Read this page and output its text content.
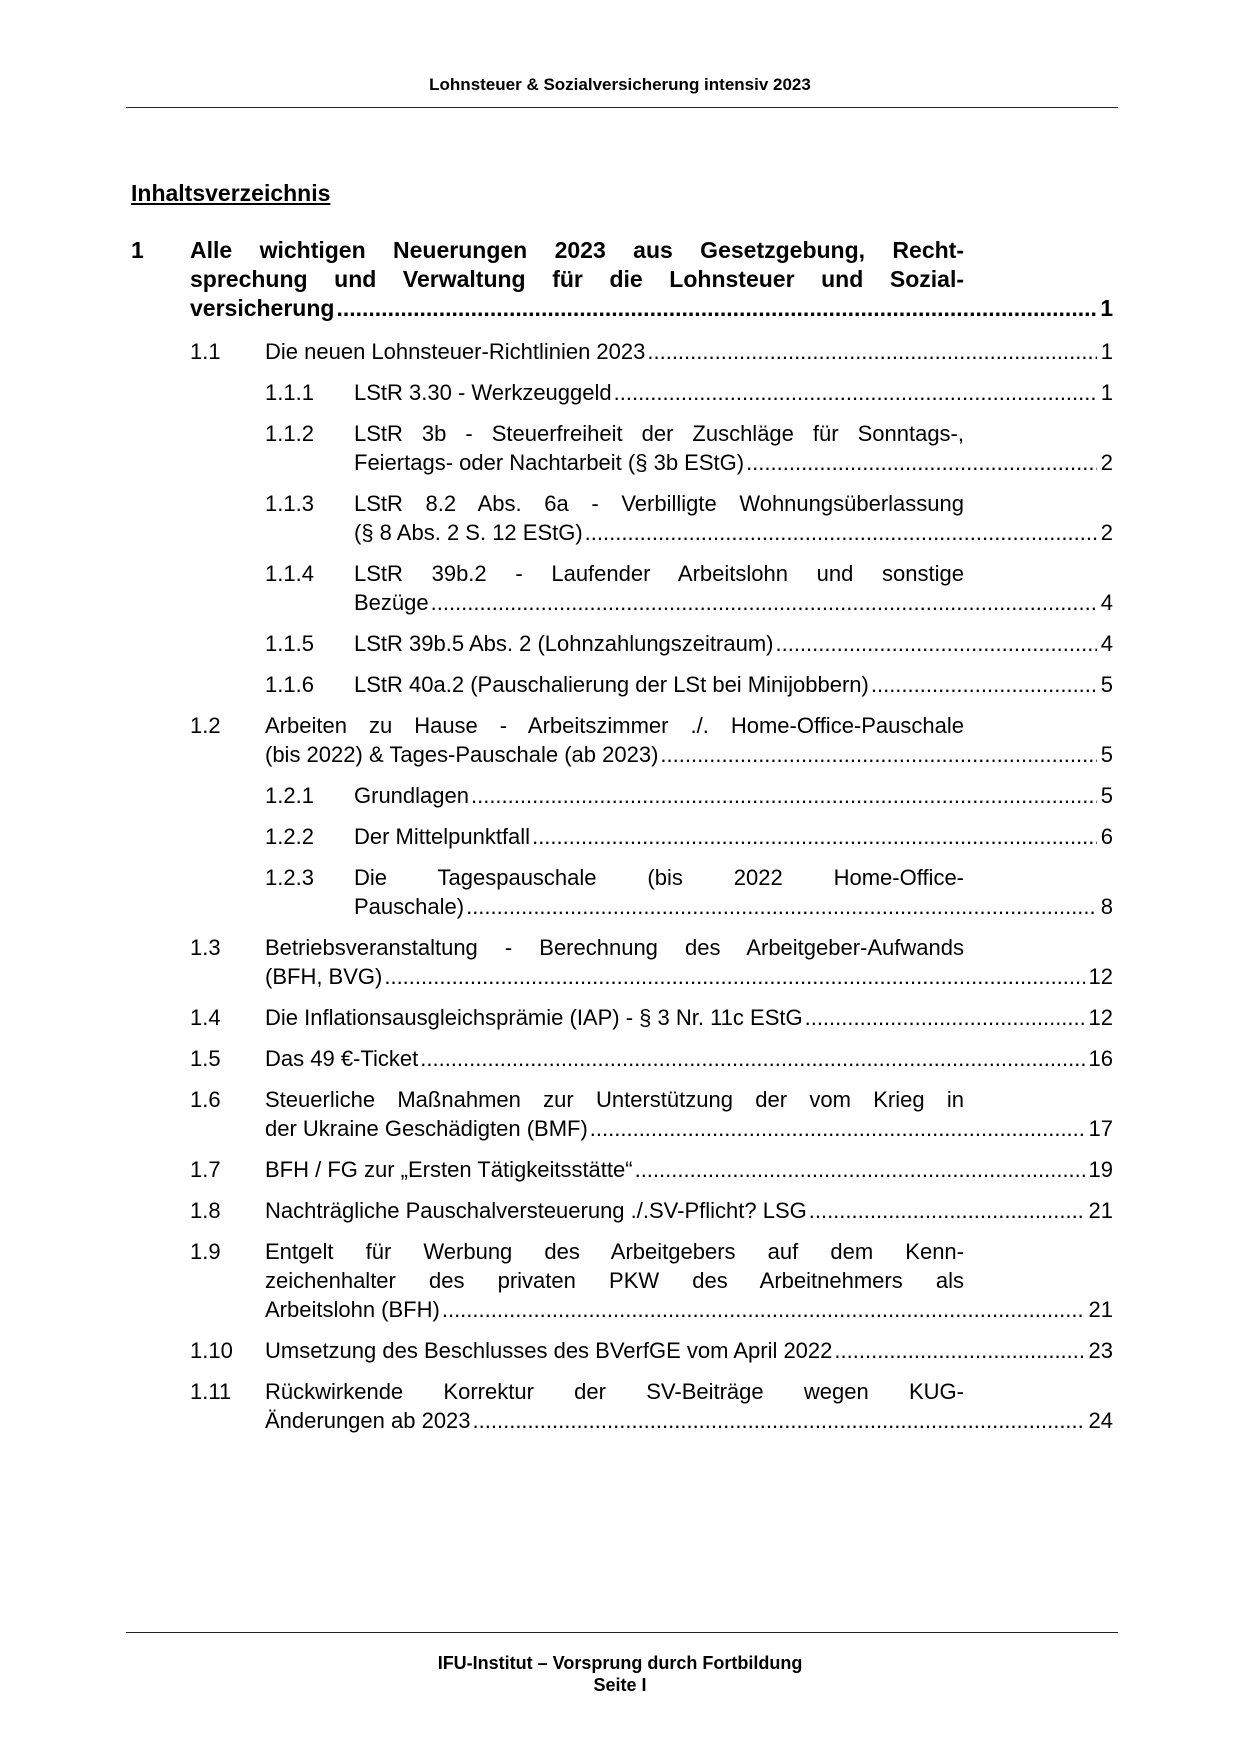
Lohnsteuer & Sozialversicherung intensiv 2023
Inhaltsverzeichnis
1 Alle wichtigen Neuerungen 2023 aus Gesetzgebung, Recht-
sprechung und Verwaltung für die Lohnsteuer und Sozial-
versicherung .....	1
1.1 Die neuen Lohnsteuer-Richtlinien 2023 .....	1
1.1.1 LStR 3.30 - Werkzeuggeld .....	1
1.1.2 LStR 3b - Steuerfreiheit der Zuschläge für Sonntags-,
Feiertags- oder Nachtarbeit (§ 3b EStG) .....	2
1.1.3 LStR 8.2 Abs. 6a - Verbilligte Wohnungsüberlassung
(§ 8 Abs. 2 S. 12 EStG) .....	2
1.1.4 LStR 39b.2 - Laufender Arbeitslohn und sonstige
Bezüge .....	4
1.1.5 LStR 39b.5 Abs. 2 (Lohnzahlungszeitraum) .....	4
1.1.6 LStR 40a.2 (Pauschalierung der LSt bei Minijobbern) .....	5
1.2 Arbeiten zu Hause - Arbeitszimmer ./. Home-Office-Pauschale
(bis 2022) & Tages-Pauschale (ab 2023) .....	5
1.2.1 Grundlagen .....	5
1.2.2 Der Mittelpunktfall .....	6
1.2.3 Die Tagespauschale (bis 2022 Home-Office-
Pauschale) .....	8
1.3 Betriebsveranstaltung - Berechnung des Arbeitgeber-Aufwands
(BFH, BVG) .....	12
1.4 Die Inflationsausgleichsprämie (IAP) - § 3 Nr. 11c EStG .....	12
1.5 Das 49 €-Ticket .....	16
1.6 Steuerliche Maßnahmen zur Unterstützung der vom Krieg in
der Ukraine Geschädigten (BMF) .....	17
1.7 BFH / FG zur „Ersten Tätigkeitsstätte“ .....	19
1.8 Nachträgliche Pauschalversteuerung ./.SV-Pflicht? LSG .....	21
1.9 Entgelt für Werbung des Arbeitgebers auf dem Kenn-
zeichenhalter des privaten PKW des Arbeitnehmers als
Arbeitslohn (BFH) .....	21
1.10 Umsetzung des Beschlusses des BVerfGE vom April 2022 .....	23
1.11 Rückwirkende Korrektur der SV-Beiträge wegen KUG-
Änderungen ab 2023 .....	24
IFU-Institut – Vorsprung durch Fortbildung
Seite I
